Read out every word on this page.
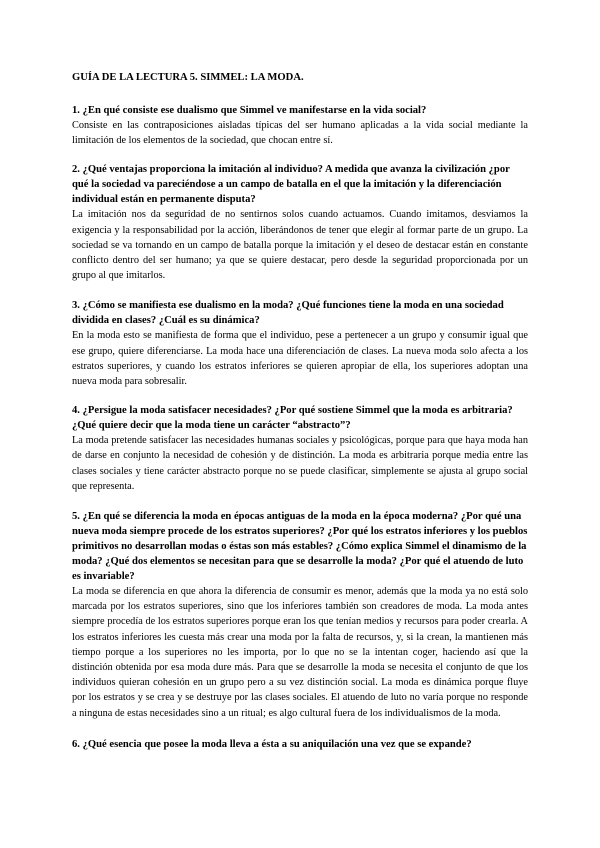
GUÍA DE LA LECTURA 5. SIMMEL: LA MODA.

1. ¿En qué consiste ese dualismo que Simmel ve manifestarse en la vida social?

Consiste en las contraposiciones aisladas típicas del ser humano aplicadas a la vida social mediante la limitación de los elementos de la sociedad, que chocan entre sí.

2. ¿Qué ventajas proporciona la imitación al individuo? A medida que avanza la civilización ¿por qué la sociedad va pareciéndose a un campo de batalla en el que la imitación y la diferenciación individual están en permanente disputa?

La imitación nos da seguridad de no sentirnos solos cuando actuamos. Cuando imitamos, desviamos la exigencia y la responsabilidad por la acción, liberándonos de tener que elegir al formar parte de un grupo. La sociedad se va tornando en un campo de batalla porque la imitación y el deseo de destacar están en constante conflicto dentro del ser humano; ya que se quiere destacar, pero desde la seguridad proporcionada por un grupo al que imitarlos.

3. ¿Cómo se manifiesta ese dualismo en la moda? ¿Qué funciones tiene la moda en una sociedad dividida en clases? ¿Cuál es su dinámica?

En la moda esto se manifiesta de forma que el individuo, pese a pertenecer a un grupo y consumir igual que ese grupo, quiere diferenciarse. La moda hace una diferenciación de clases. La nueva moda solo afecta a los estratos superiores, y cuando los estratos inferiores se quieren apropiar de ella, los superiores adoptan una nueva moda para sobresalir.

4. ¿Persigue la moda satisfacer necesidades? ¿Por qué sostiene Simmel que la moda es arbitraria? ¿Qué quiere decir que la moda tiene un carácter “abstracto”?

La moda pretende satisfacer las necesidades humanas sociales y psicológicas, porque para que haya moda han de darse en conjunto la necesidad de cohesión y de distinción. La moda es arbitraria porque media entre las clases sociales y tiene carácter abstracto porque no se puede clasificar, simplemente se ajusta al grupo social que representa.

5. ¿En qué se diferencia la moda en épocas antiguas de la moda en la época moderna? ¿Por qué una nueva moda siempre procede de los estratos superiores? ¿Por qué los estratos inferiores y los pueblos primitivos no desarrollan modas o éstas son más estables? ¿Cómo explica Simmel el dinamismo de la moda? ¿Qué dos elementos se necesitan para que se desarrolle la moda? ¿Por qué el atuendo de luto es invariable?

La moda se diferencia en que ahora la diferencia de consumir es menor, además que la moda ya no está solo marcada por los estratos superiores, sino que los inferiores también son creadores de moda. La moda antes siempre procedía de los estratos superiores porque eran los que tenían medios y recursos para poder crearla. A los estratos inferiores les cuesta más crear una moda por la falta de recursos, y, si la crean, la mantienen más tiempo porque a los superiores no les importa, por lo que no se la intentan coger, haciendo así que la distinción obtenida por esa moda dure más. Para que se desarrolle la moda se necesita el conjunto de que los individuos quieran cohesión en un grupo pero a su vez distinción social. La moda es dinámica porque fluye por los estratos y se crea y se destruye por las clases sociales. El atuendo de luto no varía porque no responde a ninguna de estas necesidades sino a un ritual; es algo cultural fuera de los individualismos de la moda.

6. ¿Qué esencia que posee la moda lleva a ésta a su aniquilación una vez que se expande?
